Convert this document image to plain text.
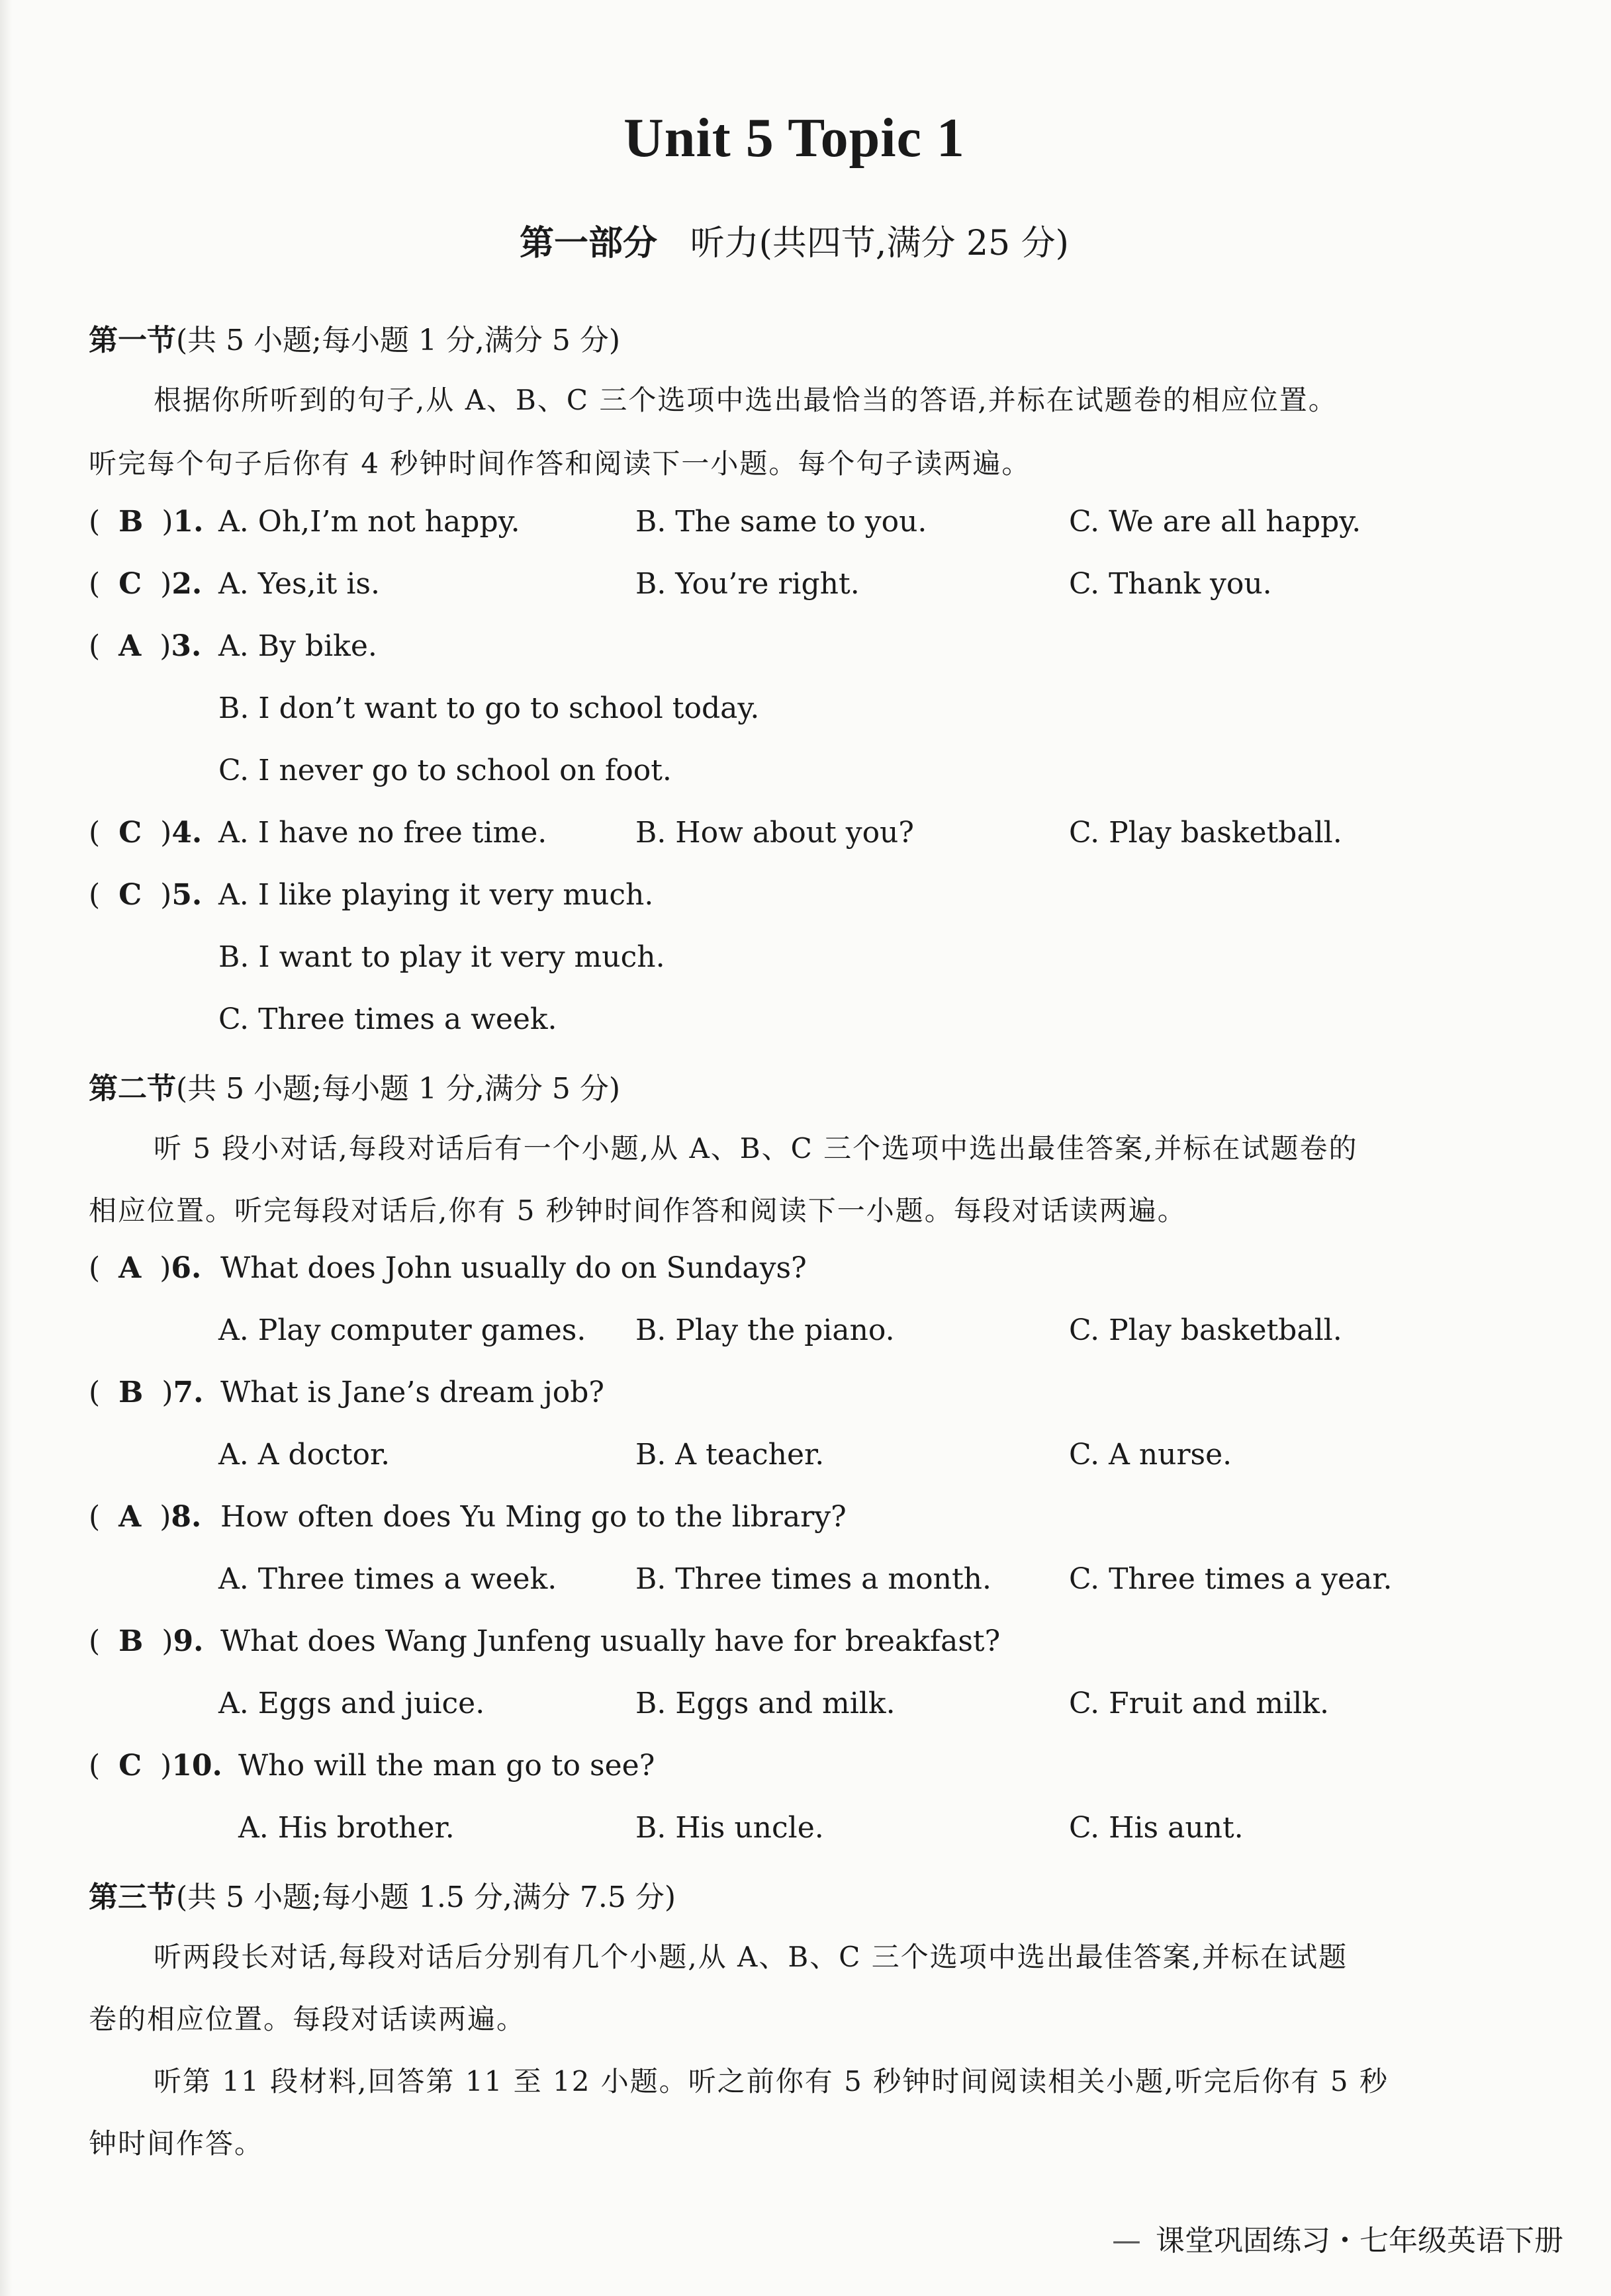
Unit 5 Topic 1
第一部分 听力(共四节,满分 25 分)
第一节(共 5 小题;每小题 1 分,满分 5 分)
根据你所听到的句子,从 A、B、C 三个选项中选出最恰当的答语,并标在试题卷的相应位置。
听完每个句子后你有 4 秒钟时间作答和阅读下一小题。每个句子读两遍。
(  B  )1. A. Oh,I’m not happy.	B. The same to you.	C. We are all happy.
(  C  )2. A. Yes,it is.	B. You’re right.	C. Thank you.
(  A  )3. A. By bike.
B. I don’t want to go to school today.
C. I never go to school on foot.
(  C  )4. A. I have no free time.	B. How about you?	C. Play basketball.
(  C  )5. A. I like playing it very much.
B. I want to play it very much.
C. Three times a week.
第二节(共 5 小题;每小题 1 分,满分 5 分)
听 5 段小对话,每段对话后有一个小题,从 A、B、C 三个选项中选出最佳答案,并标在试题卷的
相应位置。听完每段对话后,你有 5 秒钟时间作答和阅读下一小题。每段对话读两遍。
(  A  )6. What does John usually do on Sundays?
A. Play computer games. B. Play the piano.	C. Play basketball.
(  B  )7. What is Jane’s dream job?
A. A doctor.	B. A teacher.	C. A nurse.
(  A  )8. How often does Yu Ming go to the library?
A. Three times a week.	B. Three times a month.	C. Three times a year.
(  B  )9. What does Wang Junfeng usually have for breakfast?
A. Eggs and juice.	B. Eggs and milk.	C. Fruit and milk.
(  C  )10. Who will the man go to see?
A. His brother.	B. His uncle.	C. His aunt.
第三节(共 5 小题;每小题 1.5 分,满分 7.5 分)
听两段长对话,每段对话后分别有几个小题,从 A、B、C 三个选项中选出最佳答案,并标在试题
卷的相应位置。每段对话读两遍。
听第 11 段材料,回答第 11 至 12 小题。听之前你有 5 秒钟时间阅读相关小题,听完后你有 5 秒
钟时间作答。
— 课堂巩固练习・七年级英语下册
